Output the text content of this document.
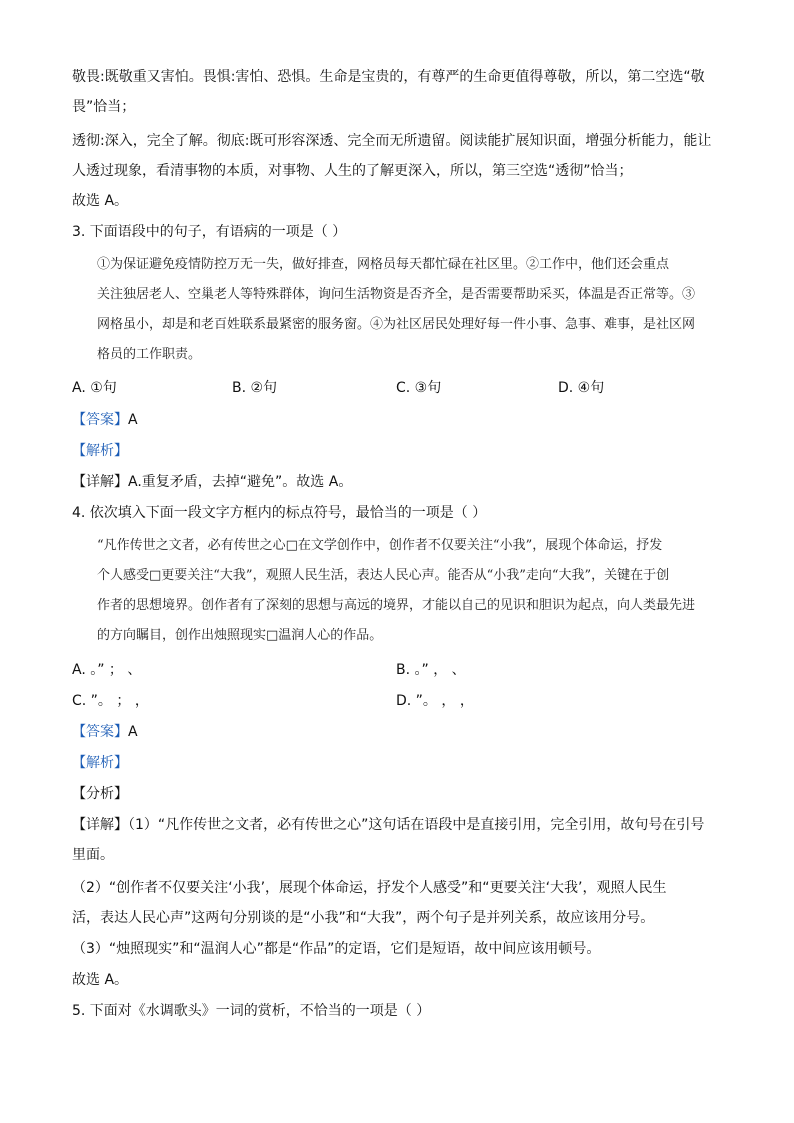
敬畏:既敬重又害怕。畏惧:害怕、恐惧。生命是宝贵的，有尊严的生命更值得尊敬，所以，第二空选“敬
畏”恰当；
透彻:深入，完全了解。彻底:既可形容深透、完全而无所遗留。阅读能扩展知识面，增强分析能力，能让
人透过现象，看清事物的本质，对事物、人生的了解更深入，所以，第三空选“透彻”恰当；
故选 A。
3. 下面语段中的句子，有语病的一项是（ ）
①为保证避免疫情防控万无一失，做好排查，网格员每天都忙碌在社区里。②工作中，他们还会重点
关注独居老人、空巢老人等特殊群体，询问生活物资是否齐全，是否需要帮助采买，体温是否正常等。③
网格虽小，却是和老百姓联系最紧密的服务窗。④为社区居民处理好每一件小事、急事、难事，是社区网
格员的工作职责。
A. ①句	B. ②句	C. ③句	D. ④句
【答案】A
【解析】
【详解】A.重复矛盾，去掉“避免”。故选 A。
4. 依次填入下面一段文字方框内的标点符号，最恰当的一项是（ ）
“凡作传世之文者，必有传世之心□在文学创作中，创作者不仅要关注“小我”，展现个体命运，抒发
个人感受□更要关注“大我”，观照人民生活，表达人民心声。能否从“小我”走向“大我”，关键在于创
作者的思想境界。创作者有了深刻的思想与高远的境界，才能以自己的见识和胆识为起点，向人类最先进
的方向瞩目，创作出烛照现实□温润人心的作品。
A. 。” ； 、	B. 。” ， 、
C. ”。 ； ，	D. ”。 ， ，
【答案】A
【解析】
【分析】
【详解】（1）“凡作传世之文者，必有传世之心”这句话在语段中是直接引用，完全引用，故句号在引号
里面。
（2）“创作者不仅要关注‘小我’，展现个体命运，抒发个人感受”和“更要关注‘大我’，观照人民生
活，表达人民心声”这两句分别谈的是“小我”和“大我”，两个句子是并列关系，故应该用分号。
（3）“烛照现实”和“温润人心”都是“作品”的定语，它们是短语，故中间应该用顿号。
故选 A。
5. 下面对《水调歌头》一词的赏析，不恰当的一项是（ ）
